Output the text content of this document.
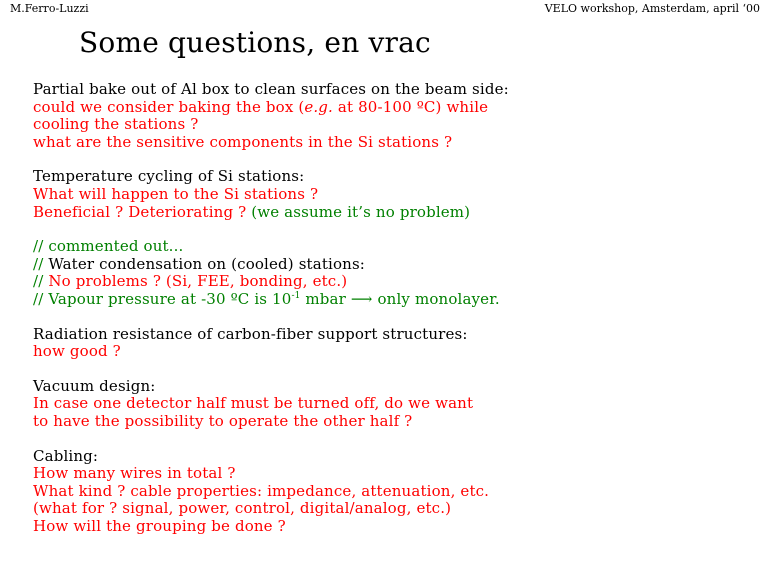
M.Ferro-Luzzi	VELO workshop, Amsterdam, april ‘00
Some questions, en vrac
Partial bake out of Al box to clean surfaces on the beam side:
could we consider baking the box (e.g. at 80-100 ºC) while
cooling the stations ?
what are the sensitive components in the Si stations ?
Temperature cycling of Si stations:
What will happen to the Si stations ?
Beneficial ? Deteriorating ? (we assume it’s no problem)
// commented out...
// Water condensation on (cooled) stations:
// No problems ? (Si, FEE, bonding, etc.)
// Vapour pressure at -30 ºC is $10^{-1}$ mbar ⟶ only monolayer.
Radiation resistance of carbon-fiber support structures:
how good ?
Vacuum design:
In case one detector half must be turned off, do we want
to have the possibility to operate the other half ?
Cabling:
How many wires in total ?
What kind ? cable properties: impedance, attenuation, etc.
(what for ? signal, power, control, digital/analog, etc.)
How will the grouping be done ?
